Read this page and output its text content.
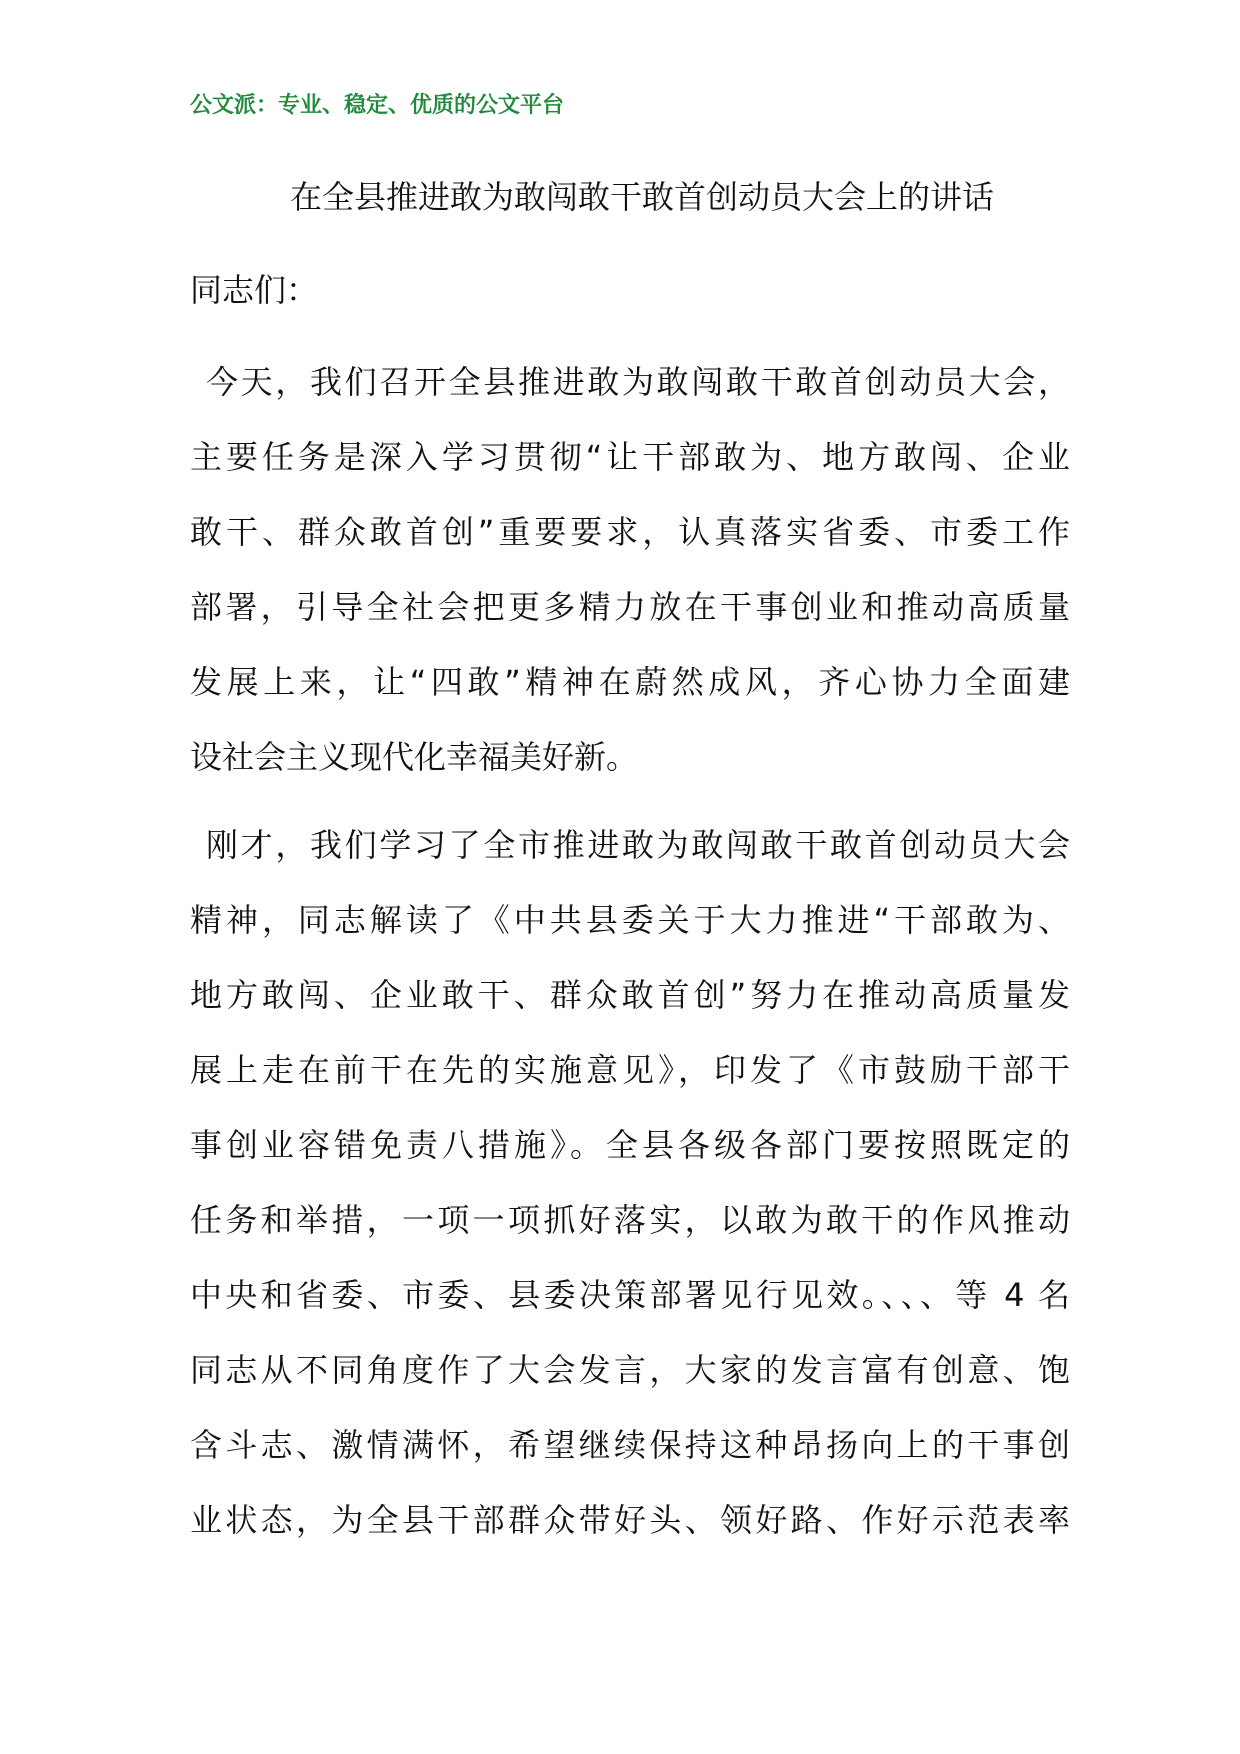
公文派：专业、稳定、优质的公文平台
在全县推进敢为敢闯敢干敢首创动员大会上的讲话
同志们：
今天，我们召开全县推进敢为敢闯敢干敢首创动员大会，
主要任务是深入学习贯彻“让干部敢为、地方敢闯、企业
敢干、群众敢首创”重要要求，认真落实省委、市委工作
部署，引导全社会把更多精力放在干事创业和推动高质量
发展上来，让“四敢”精神在蔚然成风，齐心协力全面建
设社会主义现代化幸福美好新。
刚才，我们学习了全市推进敢为敢闯敢干敢首创动员大会
精神，同志解读了《中共县委关于大力推进“干部敢为、
地方敢闯、企业敢干、群众敢首创”努力在推动高质量发
展上走在前干在先的实施意见》，印发了《市鼓励干部干
事创业容错免责八措施》。全县各级各部门要按照既定的
任务和举措，一项一项抓好落实，以敢为敢干的作风推动
中央和省委、市委、县委决策部署见行见效。、、、等 4 名
同志从不同角度作了大会发言，大家的发言富有创意、饱
含斗志、激情满怀，希望继续保持这种昂扬向上的干事创
业状态，为全县干部群众带好头、领好路、作好示范表率
